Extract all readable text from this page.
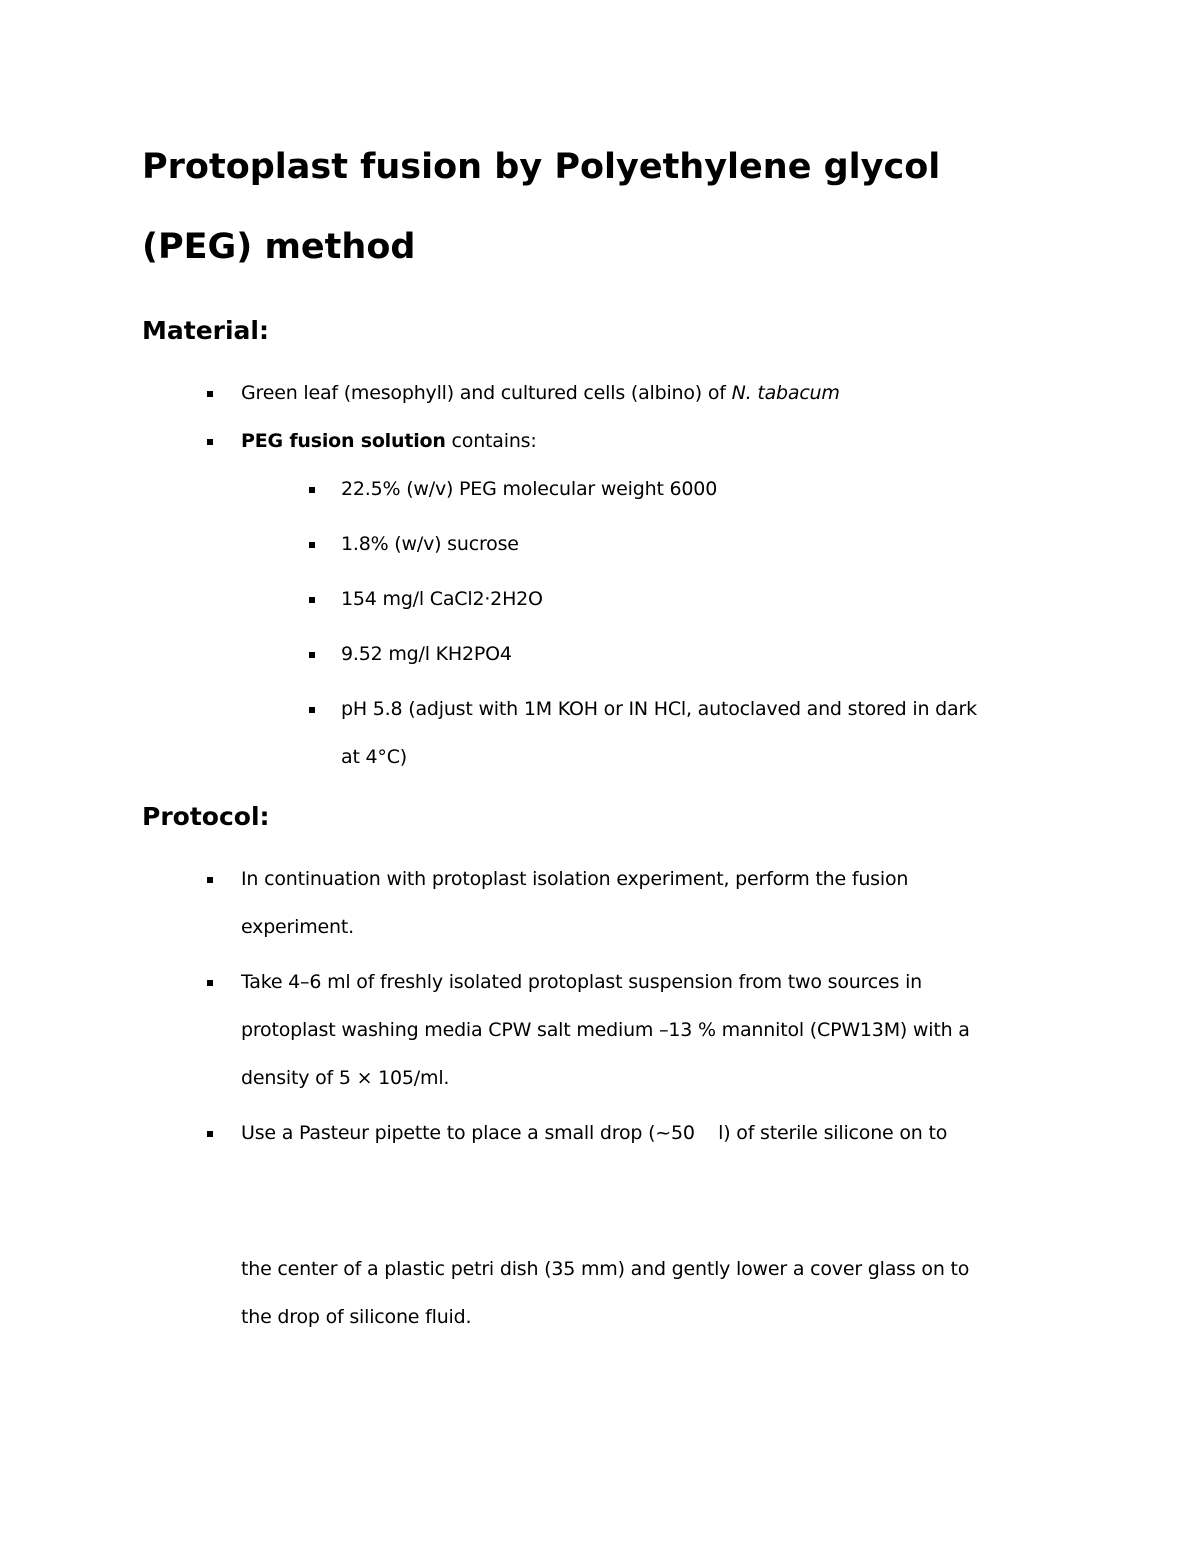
Protoplast fusion by Polyethylene glycol
(PEG) method
Material:
Green leaf (mesophyll) and cultured cells (albino) of N. tabacum
PEG fusion solution contains:
22.5% (w/v) PEG molecular weight 6000
1.8% (w/v) sucrose
154 mg/l CaCl2·2H2O
9.52 mg/l KH2PO4
pH 5.8 (adjust with 1M KOH or IN HCl, autoclaved and stored in dark
at 4°C)
Protocol:
In continuation with protoplast isolation experiment, perform the fusion
experiment.
Take 4–6 ml of freshly isolated protoplast suspension from two sources in
protoplast washing media CPW salt medium –13 % mannitol (CPW13M) with a
density of 5 × 105/ml.
Use a Pasteur pipette to place a small drop (~50    l) of sterile silicone on to
the center of a plastic petri dish (35 mm) and gently lower a cover glass on to
the drop of silicone fluid.
